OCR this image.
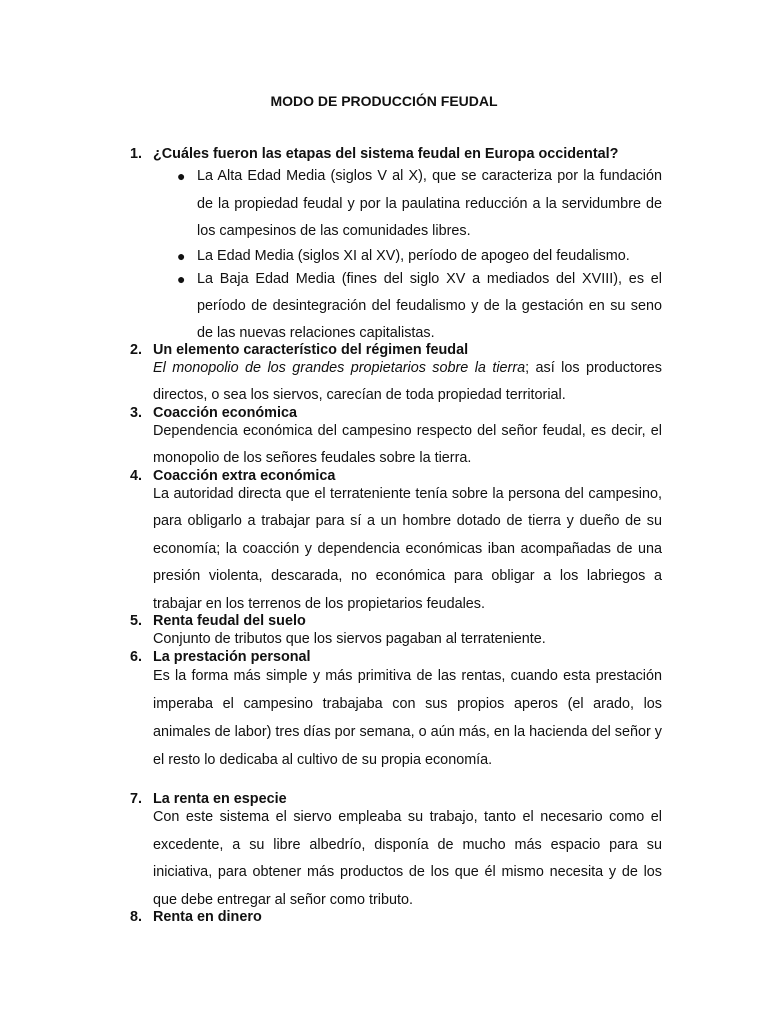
MODO DE PRODUCCIÓN FEUDAL
1. ¿Cuáles fueron las etapas del sistema feudal en Europa occidental?
● La Alta Edad Media (siglos V al X), que se caracteriza por la fundación de la propiedad feudal y por la paulatina reducción a la servidumbre de los campesinos de las comunidades libres.
● La Edad Media (siglos XI al XV), período de apogeo del feudalismo.
● La Baja Edad Media (fines del siglo XV a mediados del XVIII), es el período de desintegración del feudalismo y de la gestación en su seno de las nuevas relaciones capitalistas.
2. Un elemento característico del régimen feudal

El monopolio de los grandes propietarios sobre la tierra; así los productores directos, o sea los siervos, carecían de toda propiedad territorial.

3. Coacción económica

Dependencia económica del campesino respecto del señor feudal, es decir, el monopolio de los señores feudales sobre la tierra.

4. Coacción extra económica

La autoridad directa que el terrateniente tenía sobre la persona del campesino, para obligarlo a trabajar para sí a un hombre dotado de tierra y dueño de su economía; la coacción y dependencia económicas iban acompañadas de una presión violenta, descarada, no económica para obligar a los labriegos a trabajar en los terrenos de los propietarios feudales.

5. Renta feudal del suelo

Conjunto de tributos que los siervos pagaban al terrateniente.

6. La prestación personal

Es la forma más simple y más primitiva de las rentas, cuando esta prestación imperaba el campesino trabajaba con sus propios aperos (el arado, los animales de labor) tres días por semana, o aún más, en la hacienda del señor y el resto lo dedicaba al cultivo de su propia economía.

7. La renta en especie

Con este sistema el siervo empleaba su trabajo, tanto el necesario como el excedente, a su libre albedrío, disponía de mucho más espacio para su iniciativa, para obtener más productos de los que él mismo necesita y de los que debe entregar al señor como tributo.

8. Renta en dinero
